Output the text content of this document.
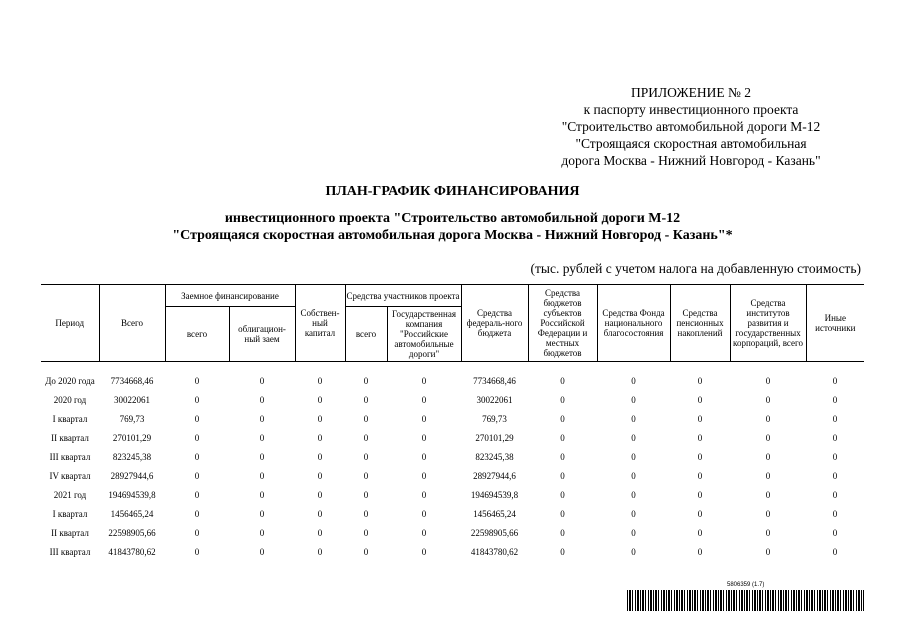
ПРИЛОЖЕНИЕ № 2
к паспорту инвестиционного проекта
"Строительство автомобильной дороги М-12
"Строящаяся скоростная автомобильная
дорога Москва - Нижний Новгород - Казань"
ПЛАН-ГРАФИК ФИНАНСИРОВАНИЯ
инвестиционного проекта "Строительство автомобильной дороги М-12
"Строящаяся скоростная автомобильная дорога Москва - Нижний Новгород - Казань"*
(тыс. рублей с учетом налога на добавленную стоимость)
Период	Всего	Заемное финансирование		Собствен-ный капитал	Средства участников проекта		Средства федераль-ного бюджета	Средства бюджетов субъектов Российской Федерации и местных бюджетов	Средства Фонда национального благосостояния	Средства пенсионных накоплений	Средства институтов развития и государственных корпораций, всего	Иные источники
		всего	облигацион-ный заем		всего	Государственная компания "Российские автомобильные дороги"						

До 2020 года	7734668,46	0	0	0	0	0	7734668,46	0	0	0	0	0
2020 год	30022061	0	0	0	0	0	30022061	0	0	0	0	0
I квартал	769,73	0	0	0	0	0	769,73	0	0	0	0	0
II квартал	270101,29	0	0	0	0	0	270101,29	0	0	0	0	0
III квартал	823245,38	0	0	0	0	0	823245,38	0	0	0	0	0
IV квартал	28927944,6	0	0	0	0	0	28927944,6	0	0	0	0	0
2021 год	194694539,8	0	0	0	0	0	194694539,8	0	0	0	0	0
I квартал	1456465,24	0	0	0	0	0	1456465,24	0	0	0	0	0
II квартал	22598905,66	0	0	0	0	0	22598905,66	0	0	0	0	0
III квартал	41843780,62	0	0	0	0	0	41843780,62	0	0	0	0	0
5806359 (1.7)
